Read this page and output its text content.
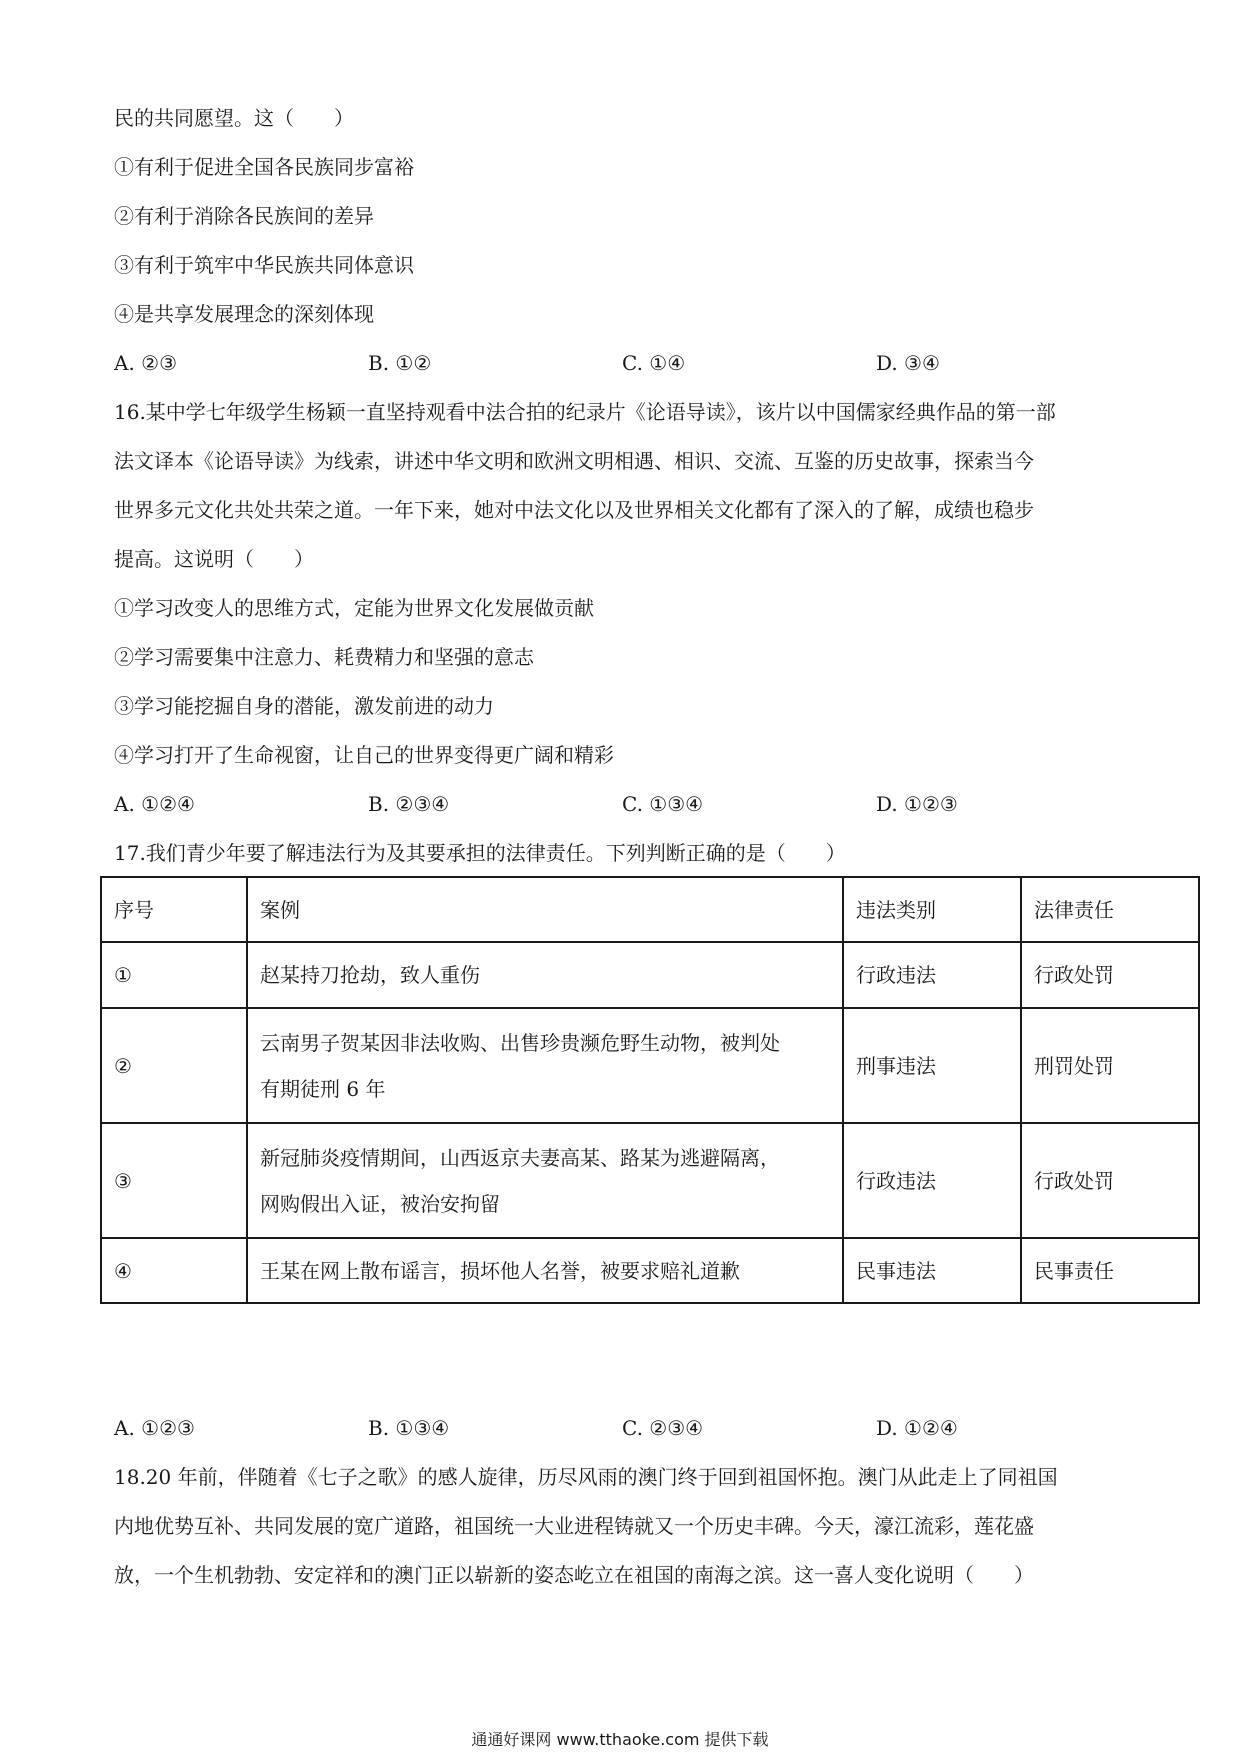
民的共同愿望。这（　　）
①有利于促进全国各民族同步富裕
②有利于消除各民族间的差异
③有利于筑牢中华民族共同体意识
④是共享发展理念的深刻体现
A. ②③	B. ①②	C. ①④	D. ③④
16.某中学七年级学生杨颖一直坚持观看中法合拍的纪录片《论语导读》，该片以中国儒家经典作品的第一部
法文译本《论语导读》为线索，讲述中华文明和欧洲文明相遇、相识、交流、互鉴的历史故事，探索当今
世界多元文化共处共荣之道。一年下来，她对中法文化以及世界相关文化都有了深入的了解，成绩也稳步
提高。这说明（　　）
①学习改变人的思维方式，定能为世界文化发展做贡献
②学习需要集中注意力、耗费精力和坚强的意志
③学习能挖掘自身的潜能，激发前进的动力
④学习打开了生命视窗，让自己的世界变得更广阔和精彩
A. ①②④	B. ②③④	C. ①③④	D. ①②③
17.我们青少年要了解违法行为及其要承担的法律责任。下列判断正确的是（　　）
序号	案例	违法类别	法律责任
①	赵某持刀抢劫，致人重伤	行政违法	行政处罚
②	云南男子贺某因非法收购、出售珍贵濒危野生动物，被判处
有期徒刑 6 年	刑事违法	刑罚处罚
③	新冠肺炎疫情期间，山西返京夫妻高某、路某为逃避隔离，
网购假出入证，被治安拘留	行政违法	行政处罚
④	王某在网上散布谣言，损坏他人名誉，被要求赔礼道歉	民事违法	民事责任
A. ①②③	B. ①③④	C. ②③④	D. ①②④
18.20 年前，伴随着《七子之歌》的感人旋律，历尽风雨的澳门终于回到祖国怀抱。澳门从此走上了同祖国
内地优势互补、共同发展的宽广道路，祖国统一大业进程铸就又一个历史丰碑。今天，濠江流彩，莲花盛
放，一个生机勃勃、安定祥和的澳门正以崭新的姿态屹立在祖国的南海之滨。这一喜人变化说明（　　）
通通好课网 www.tthaoke.com 提供下载
